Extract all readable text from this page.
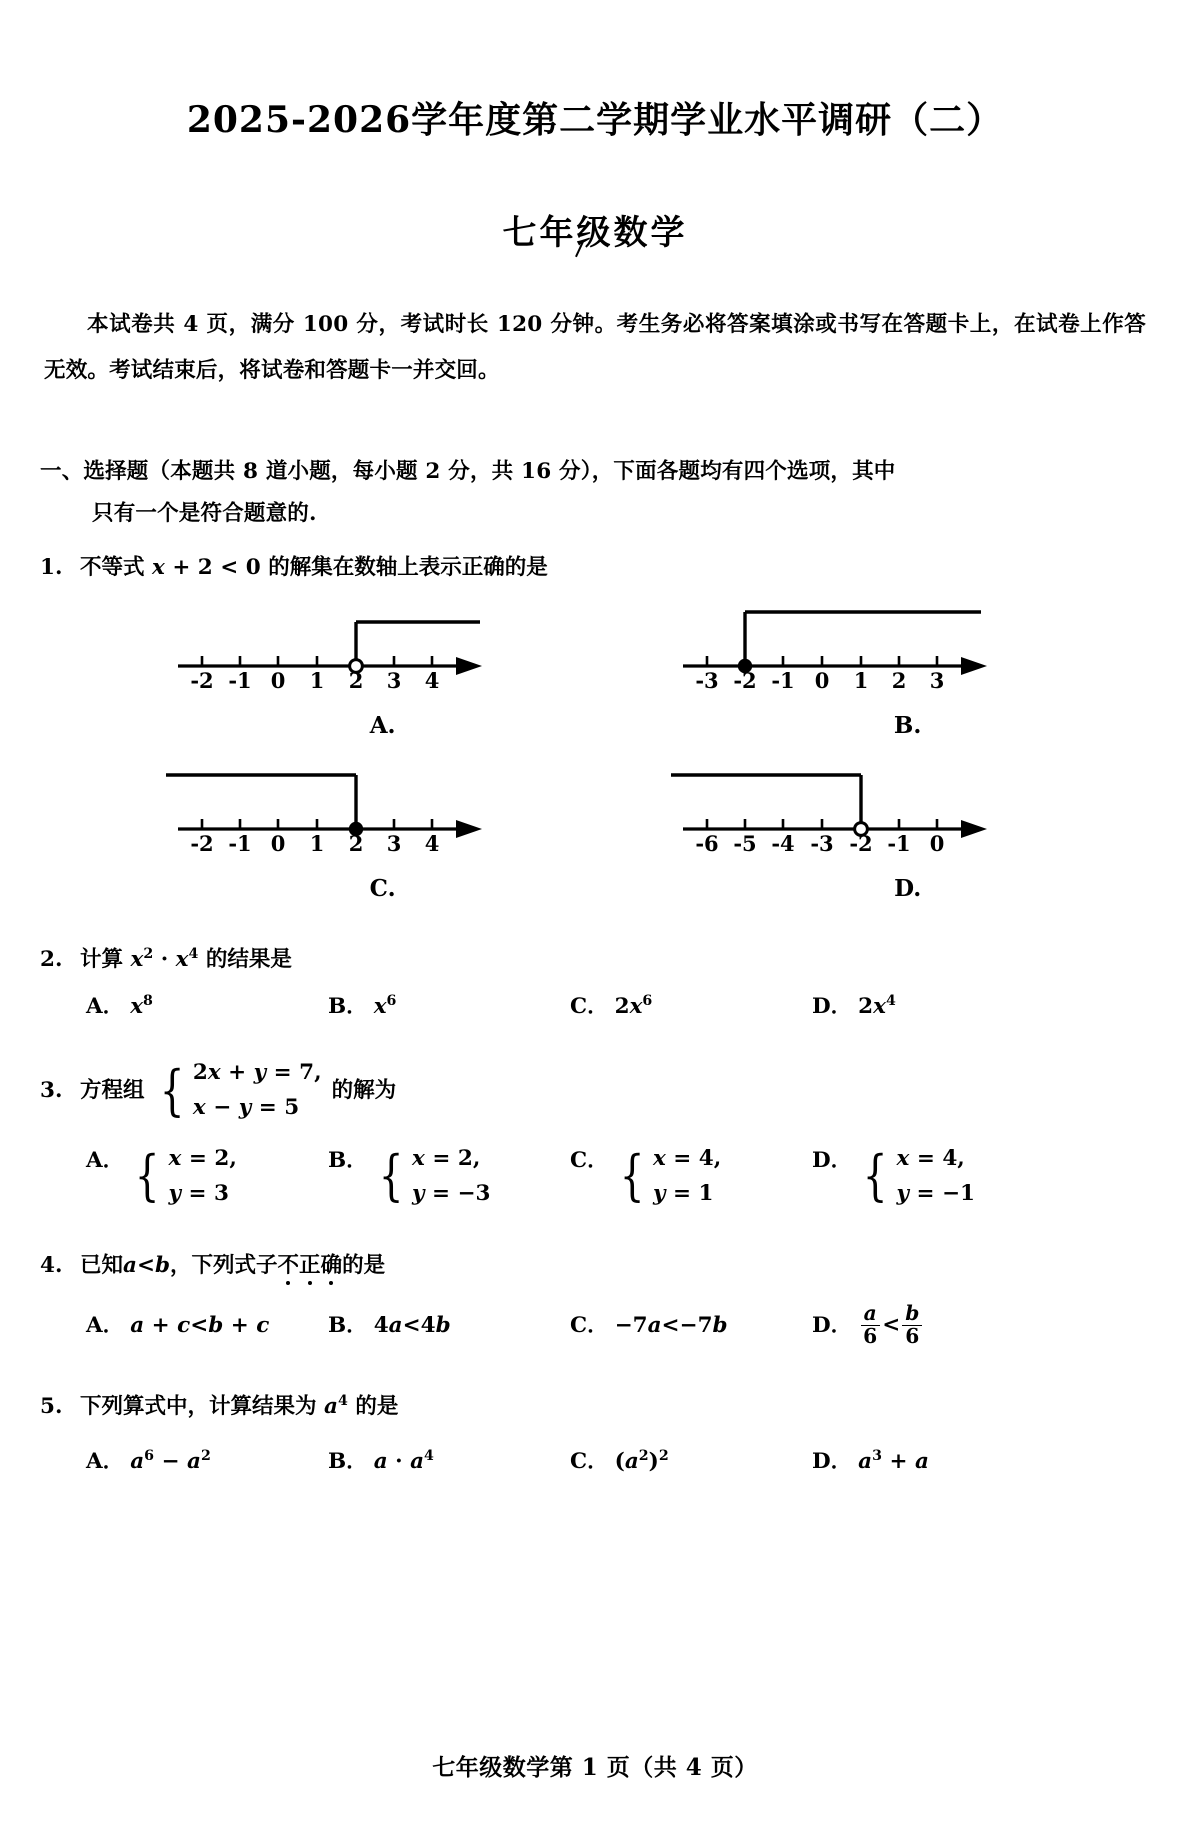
2025-2026学年度第二学期学业水平调研（二）
七年级数学
本试卷共 4 页，满分 100 分，考试时长 120 分钟。考生务必将答案填涂或书写在答题卡上，在试卷上作答无效。考试结束后，将试卷和答题卡一并交回。
一、选择题（本题共 8 道小题，每小题 2 分，共 16 分），下面各题均有四个选项，其中
只有一个是符合题意的.
1. 不等式 x + 2 < 0 的解集在数轴上表示正确的是
-2 -1 0 1 2 3 4	-3 -2 -1 0 1 2 3
A.	B.
-2 -1 0 1 2 3 4	-6 -5 -4 -3 -2 -1 0
C.	D.
2. 计算 $x^2 \cdot x^4$ 的结果是
A． $x^8$	B． $x^6$	C． $2x^6$	D． $2x^4$
3. 方程组 { 2x + y = 7,
x − y = 5
的解为
A． { x = 2,
y = 3
B． { x = 2,
y = −3
C． { x = 4,
y = 1
D． { x = 4,
y = −1
4. 已知a<b，下列式子不正确的是
A． a + c<b + c	B． 4a<4b	C． −7a<−7b	D． $\frac{a}{6} < \frac{b}{6}$
5. 下列算式中，计算结果为 $a^4$ 的是
A． $a^6 - a^2$	B． $a \cdot a^4$	C． $(a^2)^2$	D． $a^3 + a$
七年级数学第 1 页（共 4 页）
